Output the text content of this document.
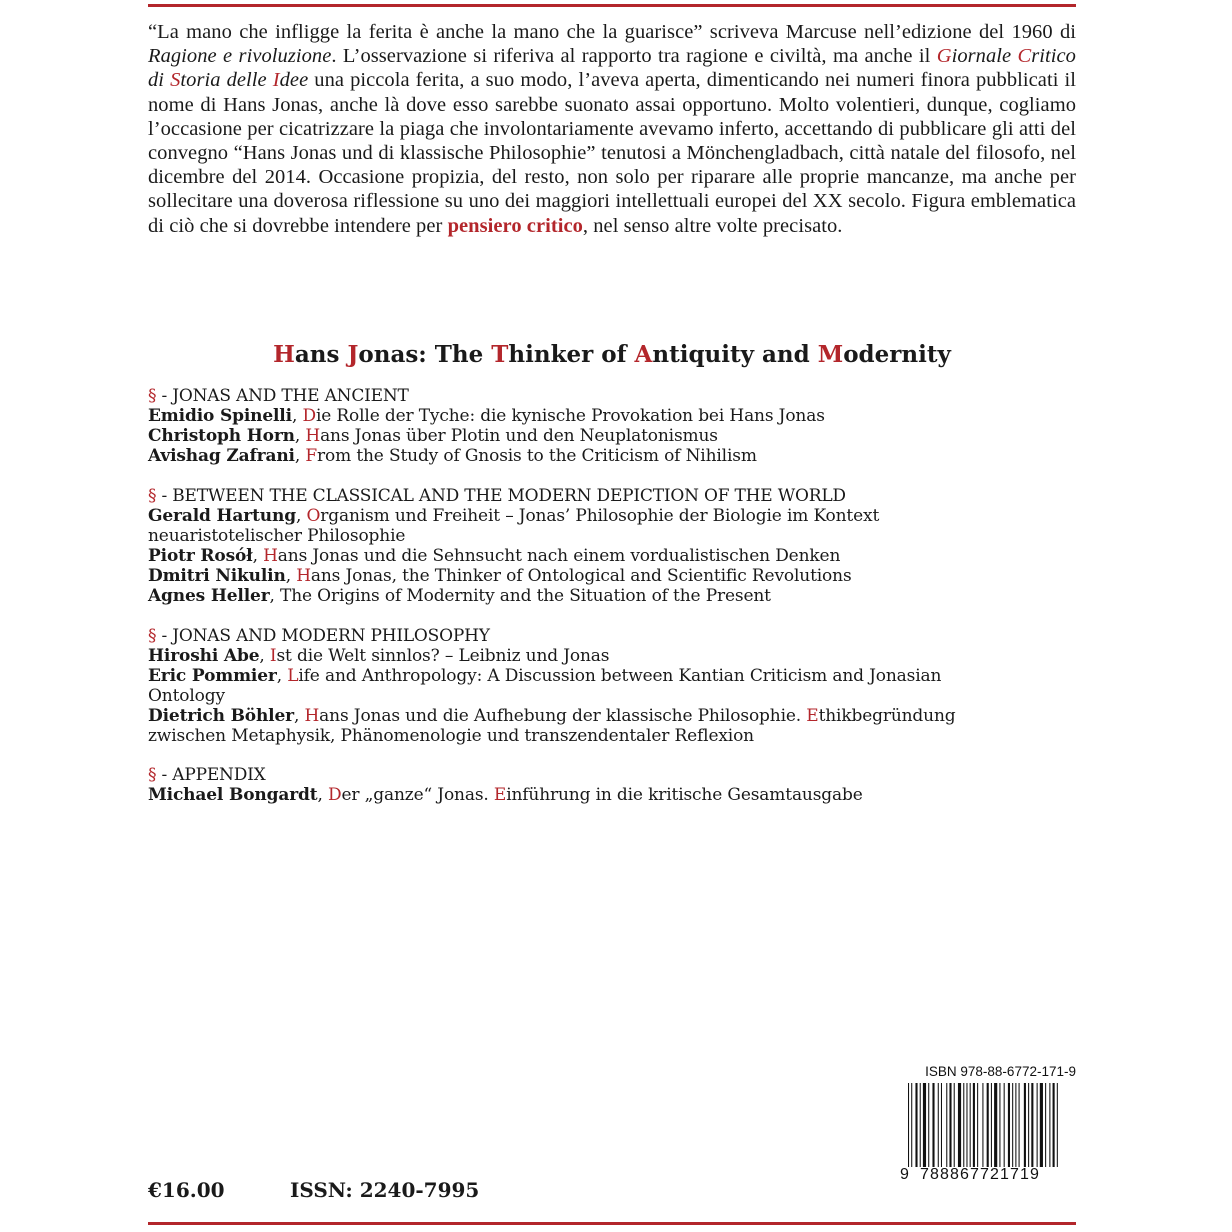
“La mano che infligge la ferita è anche la mano che la guarisce” scriveva Marcuse nell’edizione del 1960 di Ragione e rivoluzione. L’osservazione si riferiva al rapporto tra ragione e civiltà, ma anche il Giornale Critico di Storia delle Idee una piccola ferita, a suo modo, l’aveva aperta, dimenticando nei numeri finora pubblicati il nome di Hans Jonas, anche là dove esso sarebbe suonato assai opportuno. Molto volentieri, dunque, cogliamo l’occasione per cicatrizzare la piaga che involontariamente avevamo inferto, accettando di pubblicare gli atti del convegno “Hans Jonas und di klassische Philosophie” tenutosi a Mönchengladbach, città natale del filosofo, nel dicembre del 2014. Occasione propizia, del resto, non solo per riparare alle proprie mancanze, ma anche per sollecitare una doverosa riflessione su uno dei maggiori intellettuali europei del XX secolo. Figura emblematica di ciò che si dovrebbe intendere per pensiero critico, nel senso altre volte precisato.

Hans Jonas: The Thinker of Antiquity and Modernity

§ - JONAS AND THE ANCIENT

Emidio Spinelli, Die Rolle der Tyche: die kynische Provokation bei Hans Jonas

Christoph Horn, Hans Jonas über Plotin und den Neuplatonismus

Avishag Zafrani, From the Study of Gnosis to the Criticism of Nihilism

§ - BETWEEN THE CLASSICAL AND THE MODERN DEPICTION OF THE WORLD

Gerald Hartung, Organism und Freiheit – Jonas’ Philosophie der Biologie im Kontext

neuaristotelischer Philosophie

Piotr Rosół, Hans Jonas und die Sehnsucht nach einem vordualistischen Denken

Dmitri Nikulin, Hans Jonas, the Thinker of Ontological and Scientific Revolutions

Agnes Heller, The Origins of Modernity and the Situation of the Present

§ - JONAS AND MODERN PHILOSOPHY

Hiroshi Abe, Ist die Welt sinnlos? – Leibniz und Jonas

Eric Pommier, Life and Anthropology: A Discussion between Kantian Criticism and Jonasian

Ontology

Dietrich Böhler, Hans Jonas und die Aufhebung der klassische Philosophie. Ethikbegründung

zwischen Metaphysik, Phänomenologie und transzendentaler Reflexion

§ - APPENDIX

Michael Bongardt, Der „ganze“ Jonas. Einführung in die kritische Gesamtausgabe

ISBN 978-88-6772-171-9
9 788867721719
€16.00	ISSN: 2240-7995
